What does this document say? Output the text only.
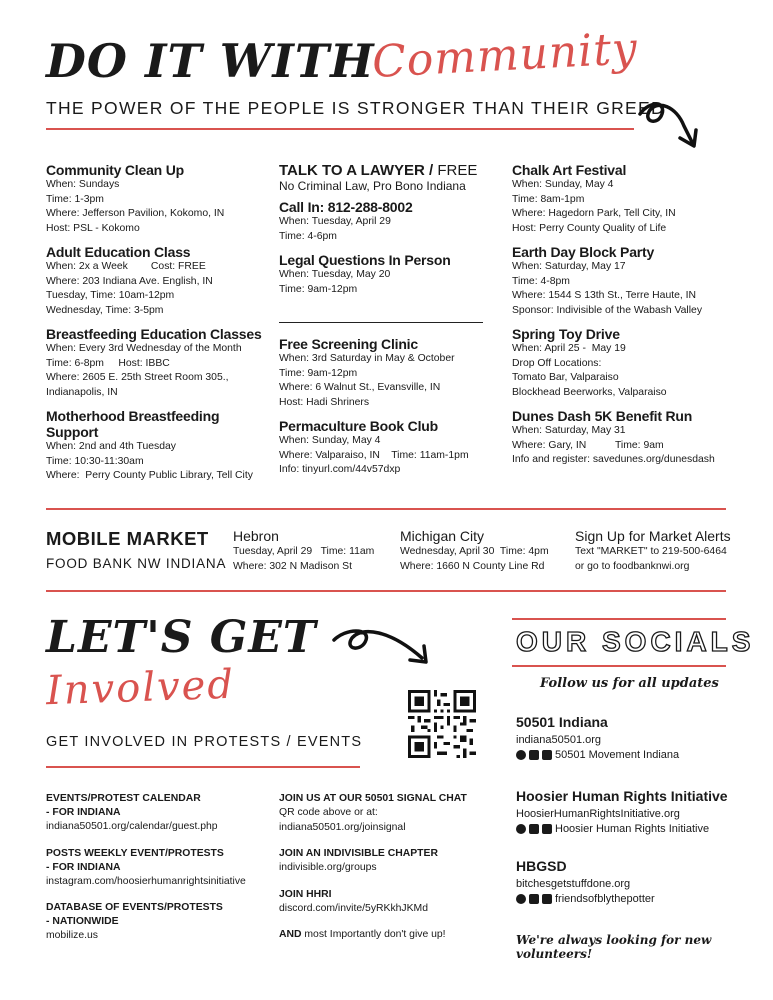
DO IT WITH
Community
THE POWER OF THE PEOPLE IS STRONGER THAN THEIR GREED
Community Clean Up
When: Sundays
Time: 1-3pm
Where: Jefferson Pavilion, Kokomo, IN
Host: PSL - Kokomo
Adult Education Class
When: 2x a Week        Cost: FREE
Where: 203 Indiana Ave. English, IN
Tuesday, Time: 10am-12pm
Wednesday, Time: 3-5pm
Breastfeeding Education Classes
When: Every 3rd Wednesday of the Month
Time: 6-8pm     Host: IBBC
Where: 2605 E. 25th Street Room 305.,
Indianapolis, IN
Motherhood Breastfeeding Support
When: 2nd and 4th Tuesday
Time: 10:30-11:30am
Where:  Perry County Public Library, Tell City
TALK TO A LAWYER / FREE
No Criminal Law, Pro Bono Indiana
Call In: 812-288-8002
When: Tuesday, April 29
Time: 4-6pm
Legal Questions In Person
When: Tuesday, May 20
Time: 9am-12pm
Free Screening Clinic
When: 3rd Saturday in May & October
Time: 9am-12pm
Where: 6 Walnut St., Evansville, IN
Host: Hadi Shriners
Permaculture Book Club
When: Sunday, May 4
Where: Valparaiso, IN    Time: 11am-1pm
Info: tinyurl.com/44v57dxp
Chalk Art Festival
When: Sunday, May 4
Time: 8am-1pm
Where: Hagedorn Park, Tell City, IN
Host: Perry County Quality of Life
Earth Day Block Party
When: Saturday, May 17
Time: 4-8pm
Where: 1544 S 13th St., Terre Haute, IN
Sponsor: Indivisible of the Wabash Valley
Spring Toy Drive
When: April 25 -  May 19
Drop Off Locations:
Tomato Bar, Valparaiso
Blockhead Beerworks, Valparaiso
Dunes Dash 5K Benefit Run
When: Saturday, May 31
Where: Gary, IN          Time: 9am
Info and register: savedunes.org/dunesdash
MOBILE MARKET
FOOD BANK NW INDIANA
Hebron
Tuesday, April 29   Time: 11am
Where: 302 N Madison St
Michigan City
Wednesday, April 30  Time: 4pm
Where: 1660 N County Line Rd
Sign Up for Market Alerts
Text "MARKET" to 219-500-6464
or go to foodbanknwi.org
LET'S GET
Involved
GET INVOLVED IN PROTESTS / EVENTS
EVENTS/PROTEST CALENDAR
- FOR INDIANA
indiana50501.org/calendar/guest.php
POSTS WEEKLY EVENT/PROTESTS
- FOR INDIANA
instagram.com/hoosierhumanrightsinitiative
DATABASE OF EVENTS/PROTESTS
- NATIONWIDE
mobilize.us
JOIN US AT OUR 50501 SIGNAL CHAT
QR code above or at:
indiana50501.org/joinsignal
JOIN AN INDIVISIBLE CHAPTER
indivisible.org/groups
JOIN HHRI
discord.com/invite/5yRKkhJKMd
AND most Importantly don't give up!
OUR SOCIALS
Follow us for all updates
50501 Indiana
indiana50501.org
50501 Movement Indiana
Hoosier Human Rights Initiative
HoosierHumanRightsInitiative.org
Hoosier Human Rights Initiative
HBGSD
bitchesgetstuffdone.org
friendsofblythepotter
We're always looking for new volunteers!
